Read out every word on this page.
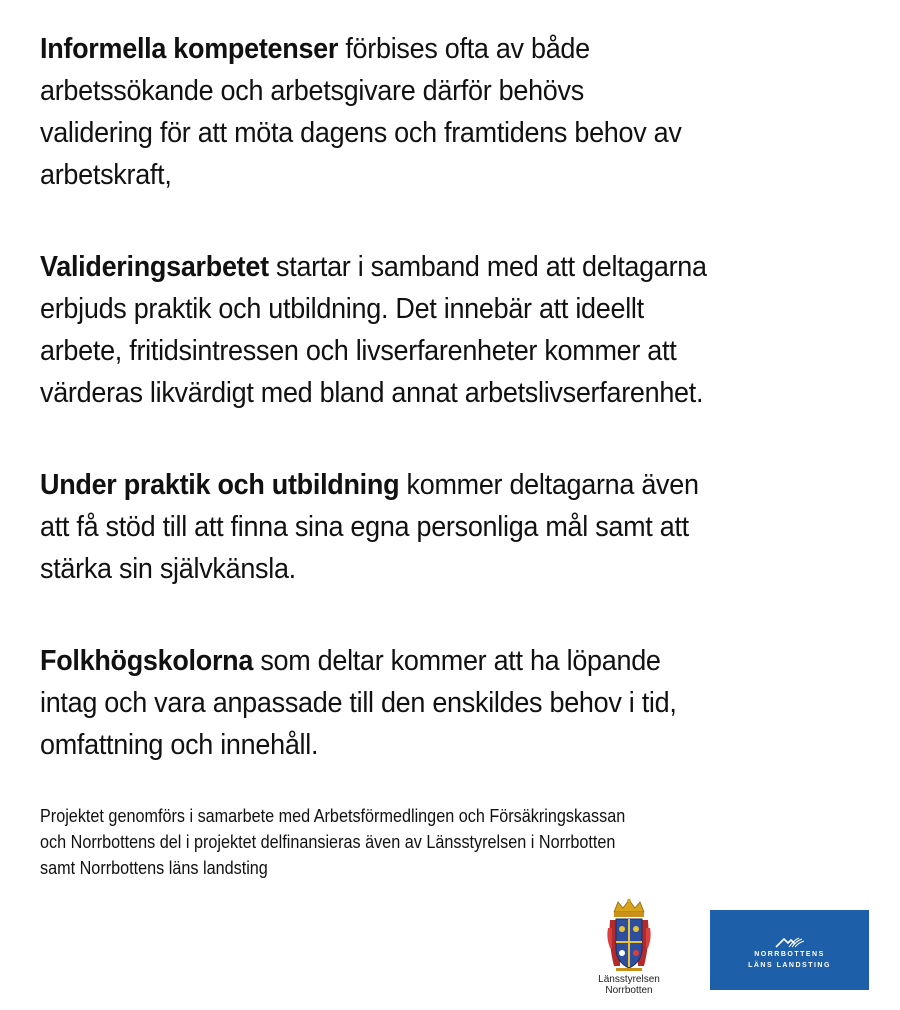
Informella kompetenser förbises ofta av både
arbetssökande och arbetsgivare därför behövs
validering för att möta dagens och framtidens behov av
arbetskraft,
Valideringsarbetet startar i samband med att deltagarna
erbjuds praktik och utbildning. Det innebär att ideellt
arbete, fritidsintressen och livserfarenheter kommer att
värderas likvärdigt med bland annat arbetslivserfarenhet.
Under praktik och utbildning kommer deltagarna även
att få stöd till att finna sina egna personliga mål samt att
stärka sin självkänsla.
Folkhögskolorna som deltar kommer att ha löpande
intag och vara anpassade till den enskildes behov i tid,
omfattning och innehåll.
Projektet genomförs i samarbete med Arbetsförmedlingen och Försäkringskassan
och Norrbottens del i projektet delfinansieras även av Länsstyrelsen i Norrbotten
samt Norrbottens läns landsting
Länsstyrelsen
Norrbotten
NORRBOTTENS
LÄNS LANDSTING
